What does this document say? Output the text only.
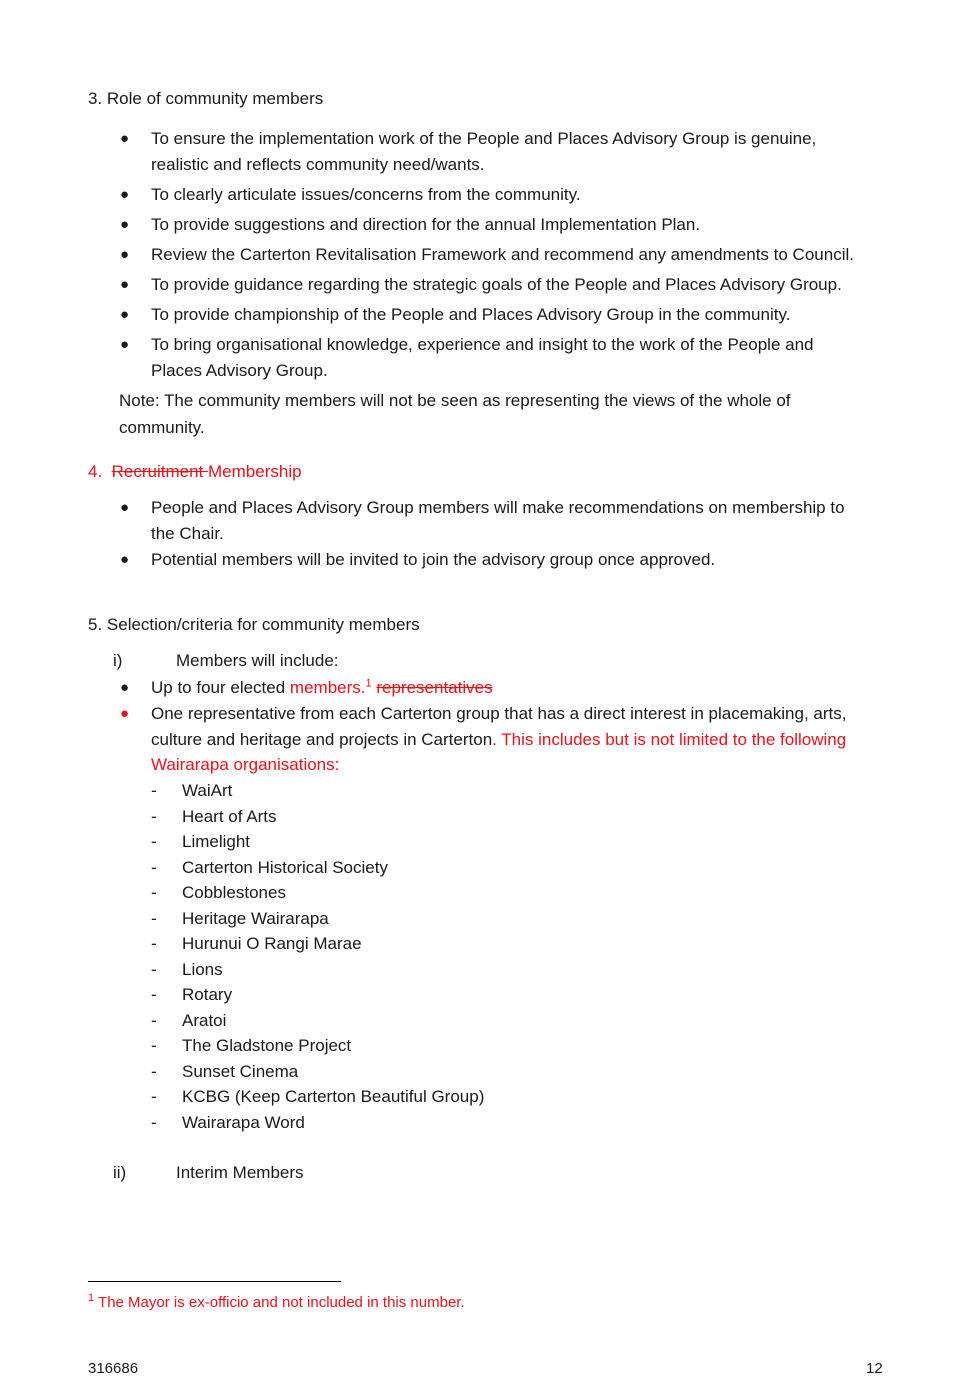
3. Role of community members
● To ensure the implementation work of the People and Places Advisory Group is genuine,
realistic and reflects community need/wants.
● To clearly articulate issues/concerns from the community.
● To provide suggestions and direction for the annual Implementation Plan.
● Review the Carterton Revitalisation Framework and recommend any amendments to Council.
● To provide guidance regarding the strategic goals of the People and Places Advisory Group.
● To provide championship of the People and Places Advisory Group in the community.
● To bring organisational knowledge, experience and insight to the work of the People and
Places Advisory Group.
Note: The community members will not be seen as representing the views of the whole of
community.
4. Recruitment Membership
● People and Places Advisory Group members will make recommendations on membership to
the Chair.
● Potential members will be invited to join the advisory group once approved.
5. Selection/criteria for community members
i)	Members will include:
● Up to four elected members.$^1$ representatives
● One representative from each Carterton group that has a direct interest in placemaking, arts,
culture and heritage and projects in Carterton. This includes but is not limited to the following
Wairarapa organisations:
- WaiArt
- Heart of Arts
- Limelight
- Carterton Historical Society
- Cobblestones
- Heritage Wairarapa
- Hurunui O Rangi Marae
- Lions
- Rotary
- Aratoi
- The Gladstone Project
- Sunset Cinema
- KCBG (Keep Carterton Beautiful Group)
- Wairarapa Word
ii)	Interim Members
$^1$ The Mayor is ex-officio and not included in this number.
316686	12
